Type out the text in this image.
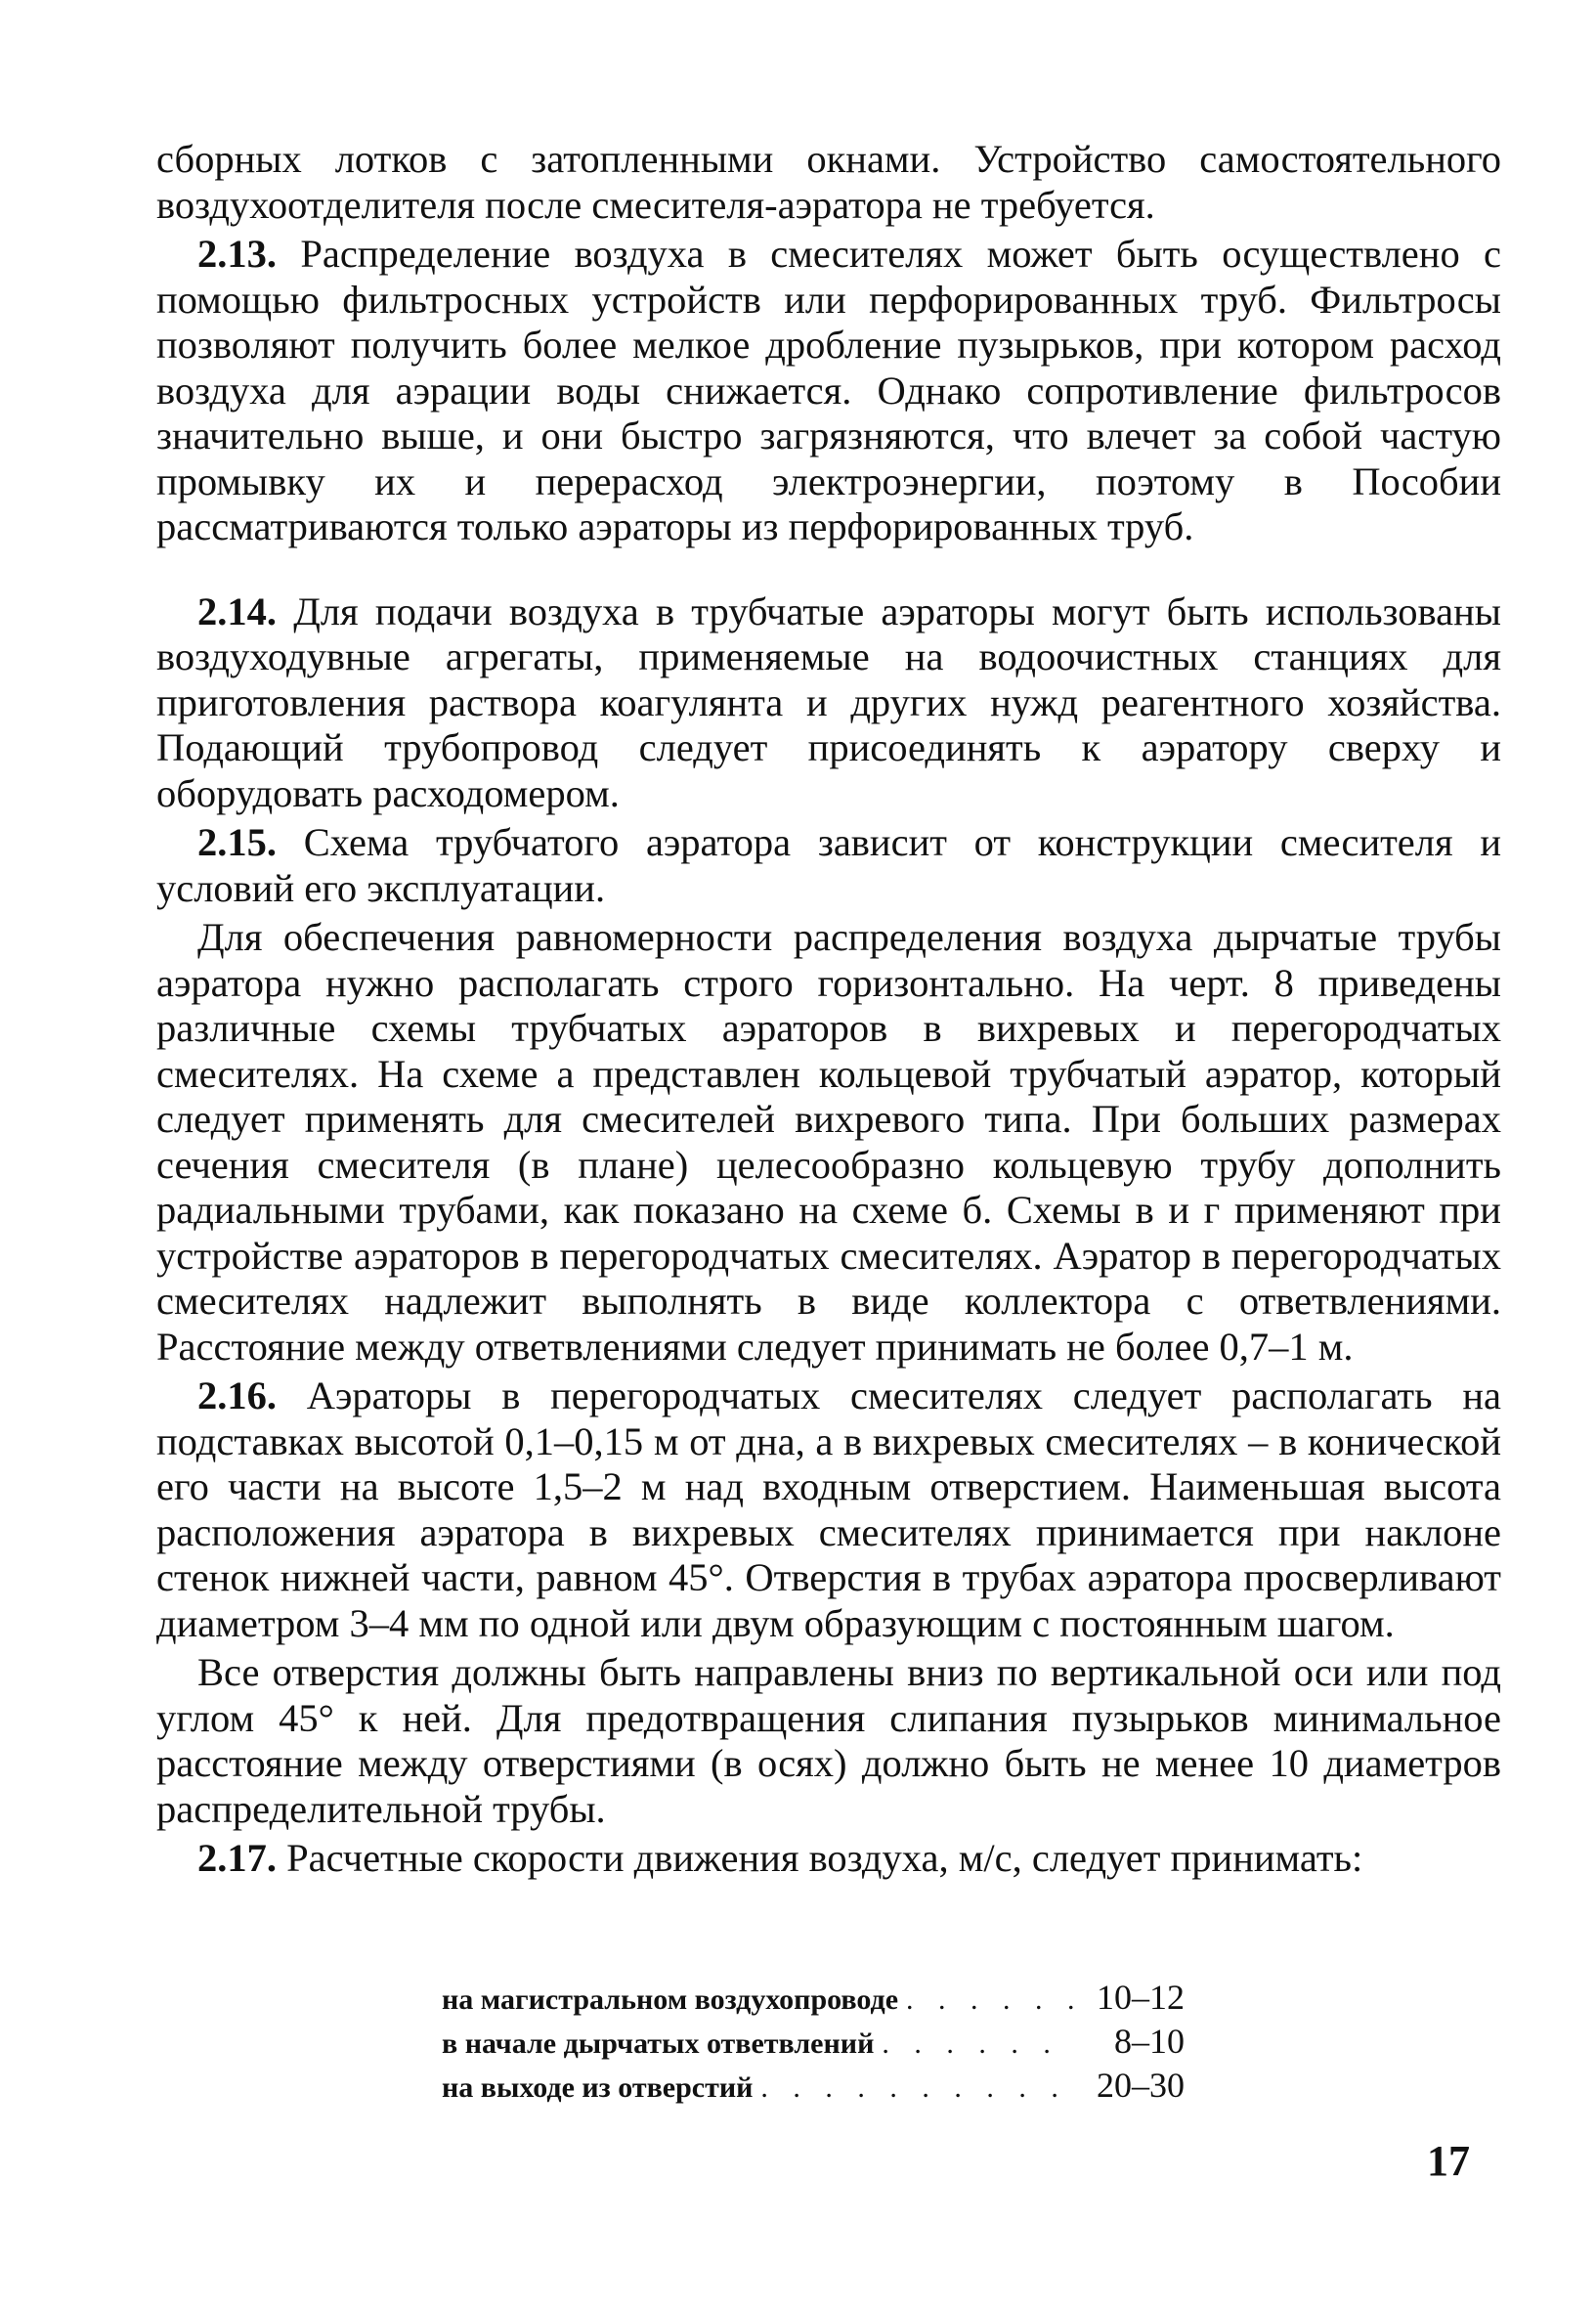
сборных лотков с затопленными окнами. Устройство самостоятельного воздухоотделителя после смесителя-аэратора не требуется.

2.13. Распределение воздуха в смесителях может быть осуществлено с помощью фильтросных устройств или перфорированных труб. Фильтросы позволяют получить более мелкое дробление пузырьков, при котором расход воздуха для аэрации воды снижается. Однако сопротивление фильтросов значительно выше, и они быстро загрязняются, что влечет за собой частую промывку их и перерасход электроэнергии, поэтому в Пособии рассматриваются только аэраторы из перфорированных труб.

2.14. Для подачи воздуха в трубчатые аэраторы могут быть использованы воздуходувные агрегаты, применяемые на водоочистных станциях для приготовления раствора коагулянта и других нужд реагентного хозяйства. Подающий трубопровод следует присоединять к аэратору сверху и оборудовать расходомером.

2.15. Схема трубчатого аэратора зависит от конструкции смесителя и условий его эксплуатации.

Для обеспечения равномерности распределения воздуха дырчатые трубы аэратора нужно располагать строго горизонтально. На черт. 8 приведены различные схемы трубчатых аэраторов в вихревых и перегородчатых смесителях. На схеме а представлен кольцевой трубчатый аэратор, который следует применять для смесителей вихревого типа. При больших размерах сечения смесителя (в плане) целесообразно кольцевую трубу дополнить радиальными трубами, как показано на схеме б. Схемы в и г применяют при устройстве аэраторов в перегородчатых смесителях. Аэратор в перегородчатых смесителях надлежит выполнять в виде коллектора с ответвлениями. Расстояние между ответвлениями следует принимать не более 0,7–1 м.

2.16. Аэраторы в перегородчатых смесителях следует располагать на подставках высотой 0,1–0,15 м от дна, а в вихревых смесителях – в конической его части на высоте 1,5–2 м над входным отверстием. Наименьшая высота расположения аэратора в вихревых смесителях принимается при наклоне стенок нижней части, равном 45°. Отверстия в трубах аэратора просверливают диаметром 3–4 мм по одной или двум образующим с постоянным шагом.

Все отверстия должны быть направлены вниз по вертикальной оси или под углом 45° к ней. Для предотвращения слипания пузырьков минимальное расстояние между отверстиями (в осях) должно быть не менее 10 диаметров распределительной трубы.

2.17. Расчетные скорости движения воздуха, м/с, следует принимать:

на магистральном воздухопроводе . . .	10–12
в начале дырчатых ответвлений . . .	8–10
на выходе из отверстий . . .	20–30
17
